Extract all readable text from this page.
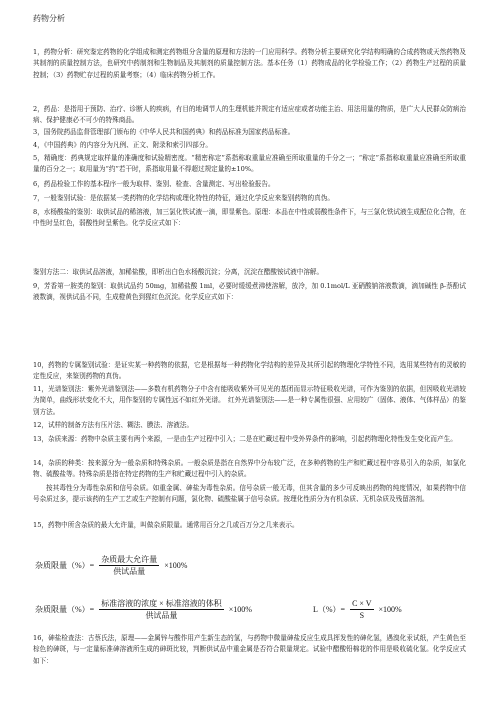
药物分析

1，药物分析：研究鉴定药物的化学组成和测定药物组分含量的原理和方法的一门应用科学。药物分析主要研究化学结构明确的合成药物或天然药物及其制剂的质量控制方法，也研究中药制剂和生物制品及其制剂的质量控制方法。基本任务（1）药物成品的化学检验工作；（2）药物生产过程的质量控制；（3）药物贮存过程的质量考察；（4）临床药物分析工作。

2，药品：是指用于预防、治疗、诊断人的疾病，有目的地调节人的生理机能并规定有适应症或者功能主治、用法用量的物质，是广大人民群众防病治病、保护健康必不可少的特殊商品。

3，国务院药品监督管理部门颁布的《中华人民共和国药典》和药品标准为国家药品标准。

4，《中国药典》的内容分为凡例、正文、附录和索引四部分。

5，精确度：药典规定取样量的准确度和试验精密度。“精密称定”系指称取重量应准确至所取重量的千分之一；“称定”系指称取重量应准确至所取重量的百分之一；取用量为“约”若干时，系指取用量不得超过规定量的±10%。

6，药品检验工作的基本程序一般为取样、鉴别、检查、含量测定、写出检验报告。

7，一般鉴别试验：是依据某一类药物的化学结构或理化特性的特征，通过化学反应来鉴别药物的真伪。

8，水杨酸盐的鉴别：取供试品的稀溶液，加三氯化铁试液一滴，即显紫色。原理：本品在中性或弱酸性条件下，与三氯化铁试液生成配位化合物，在中性时呈红色，弱酸性时呈紫色。化学反应式如下：

鉴别方法二：取供试品溶液，加稀盐酸，即析出白色水杨酸沉淀；分离，沉淀在醋酸铵试液中溶解。

9，芳香第一胺类的鉴别：取供试品约 50mg，加稀盐酸 1ml，必要时缓缓煮沸使溶解，放冷，加 0.1mol/L 亚硝酸钠溶液数滴，滴加碱性 β-萘酚试液数滴，视供试品不同，生成橙黄色到猩红色沉淀。化学反应式如下：

10，药物的专属鉴别试验：是证实某一种药物的依据，它是根据每一种药物化学结构的差异及其所引起的物理化学特性不同，选用某些特有的灵敏的定性反应，来鉴别药物的真伪。

11，光谱鉴别法：紫外光谱鉴别法——多数有机药物分子中含有能吸收紫外可见光的基团而显示特征吸收光谱，可作为鉴别的依据，但因吸收光谱较为简单，曲线形状变化不大，用作鉴别的专属性远不如红外光谱。　红外光谱鉴别法——是一种专属性很强、应用较广（固体、液体、气体样品）的鉴别方法。

12，试样的制备方法有压片法、糊法、膜法、溶液法。

13，杂质来源：药物中杂质主要有两个来源，一是由生产过程中引入；二是在贮藏过程中受外界条件的影响，引起药物理化特性发生变化而产生。

14，杂质的种类：按来源分为一般杂质和特殊杂质。一般杂质是指在自然界中分布较广泛，在多种药物的生产和贮藏过程中容易引入的杂质，如氯化物、硫酸盐等。特殊杂质是指在特定药物的生产和贮藏过程中引入的杂质。

按其毒性分为毒性杂质和信号杂质。如重金属、砷盐为毒性杂质。信号杂质一般无毒，但其含量的多少可反映出药物的纯度情况，如果药物中信号杂质过多，提示该药的生产工艺或生产控制有问题，氯化物、硫酸盐属于信号杂质。按理化性质分为有机杂质、无机杂质及残留溶剂。

15，药物中所含杂质的最大允许量，叫做杂质限量。通常用百分之几或百万分之几来表示。

杂质限量（%）= $\frac{\text{杂质最大允许量}}{\text{供试品量}} \times 100\%$
杂质限量（%）= $\frac{\text{标准溶液的浓度 × 标准溶液的体积}}{\text{供试品量}} \times 100\%$	$L(\%)= \frac{C \times V}{S} \times 100\%$

16，砷盐检查法：古蔡氏法，原理——金属锌与酸作用产生新生态的氢，与药物中微量砷盐反应生成具挥发性的砷化氢，遇溴化汞试纸，产生黄色至棕色的砷斑，与一定量标准砷溶液所生成的砷斑比较，判断供试品中重金属是否符合限量规定。试验中醋酸铅棉花的作用是吸收硫化氢。化学反应式如下：
